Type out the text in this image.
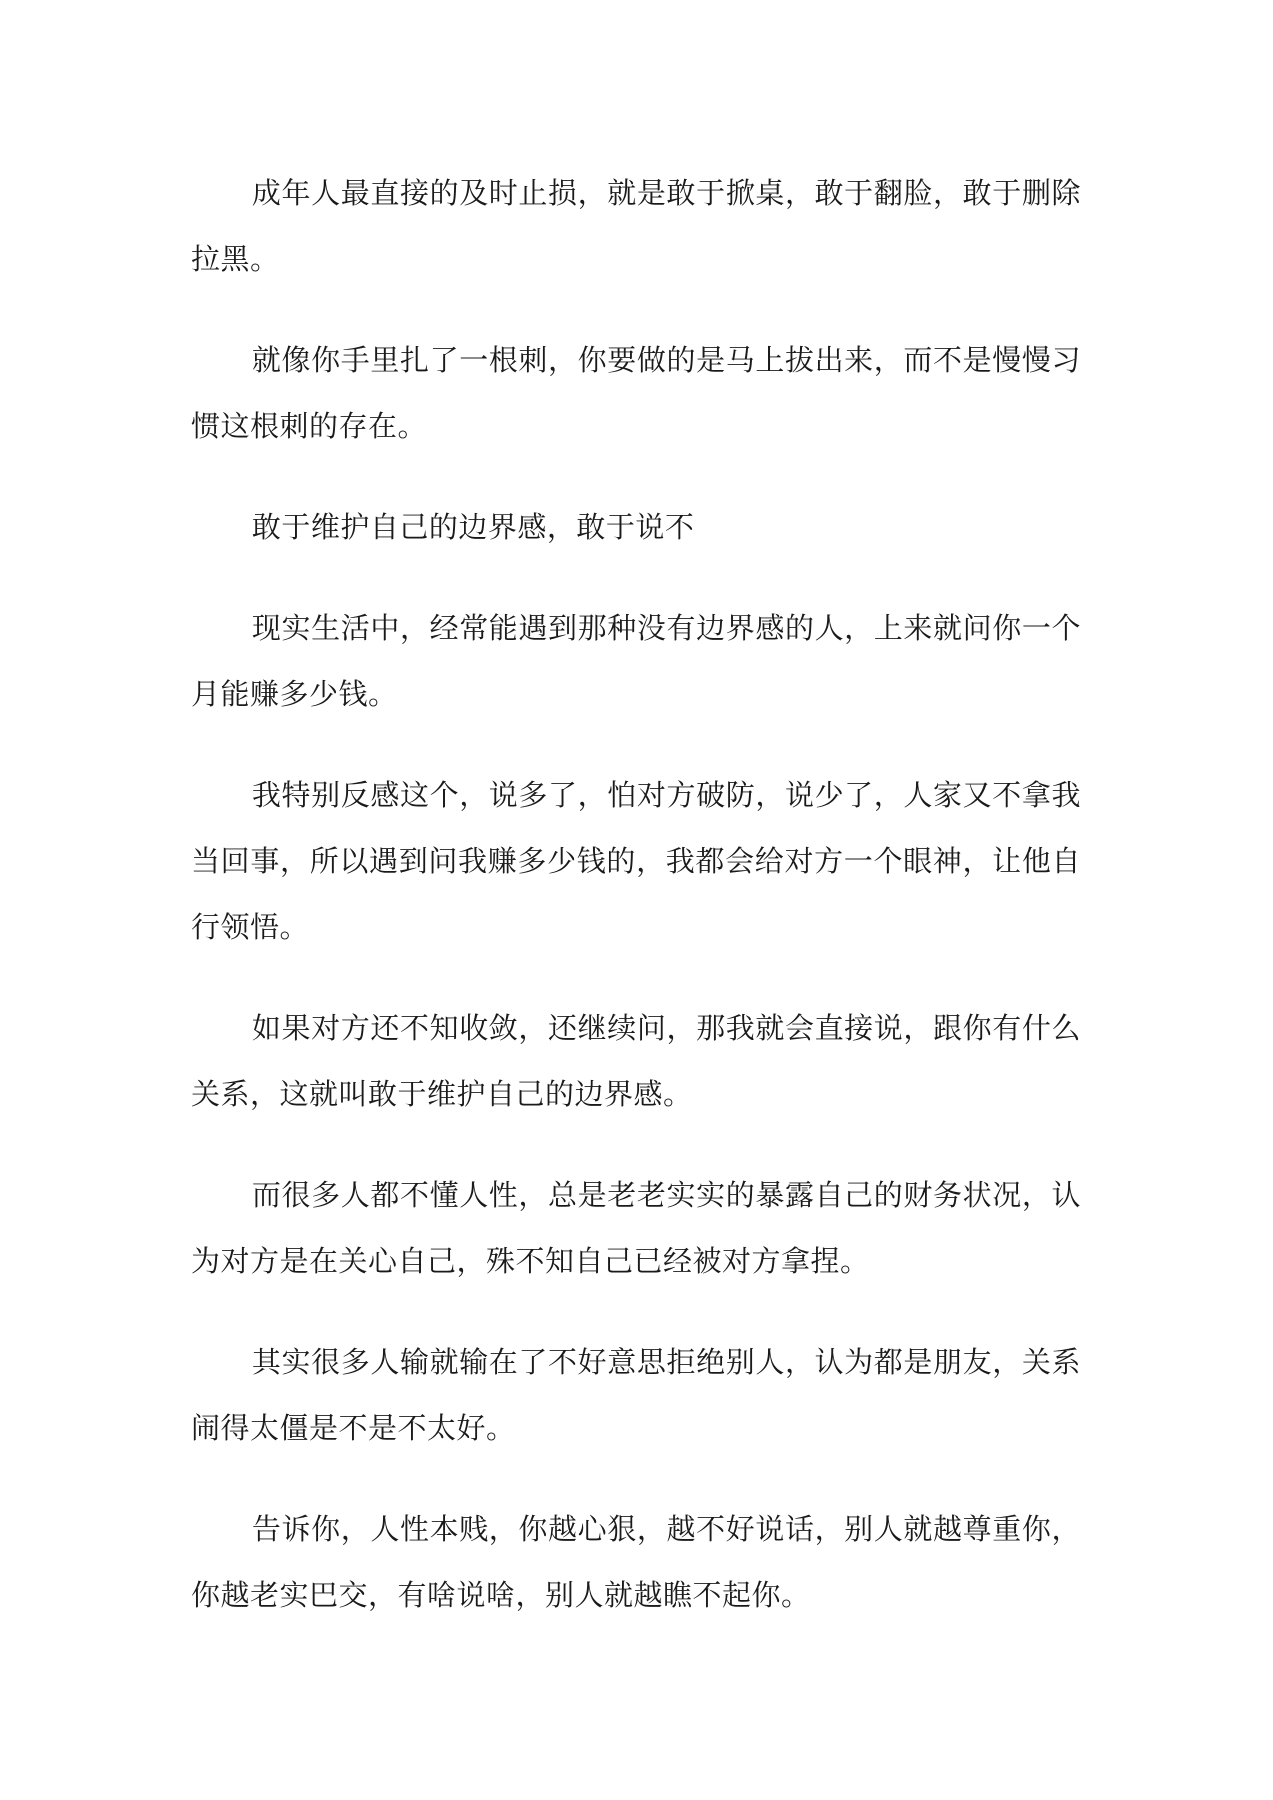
成年人最直接的及时止损，就是敢于掀桌，敢于翻脸，敢于删除拉黑。

就像你手里扎了一根刺，你要做的是马上拔出来，而不是慢慢习惯这根刺的存在。

敢于维护自己的边界感，敢于说不

现实生活中，经常能遇到那种没有边界感的人，上来就问你一个月能赚多少钱。

我特别反感这个，说多了，怕对方破防，说少了，人家又不拿我当回事，所以遇到问我赚多少钱的，我都会给对方一个眼神，让他自行领悟。

如果对方还不知收敛，还继续问，那我就会直接说，跟你有什么关系，这就叫敢于维护自己的边界感。

而很多人都不懂人性，总是老老实实的暴露自己的财务状况，认为对方是在关心自己，殊不知自己已经被对方拿捏。

其实很多人输就输在了不好意思拒绝别人，认为都是朋友，关系闹得太僵是不是不太好。

告诉你，人性本贱，你越心狠，越不好说话，别人就越尊重你，你越老实巴交，有啥说啥，别人就越瞧不起你。
